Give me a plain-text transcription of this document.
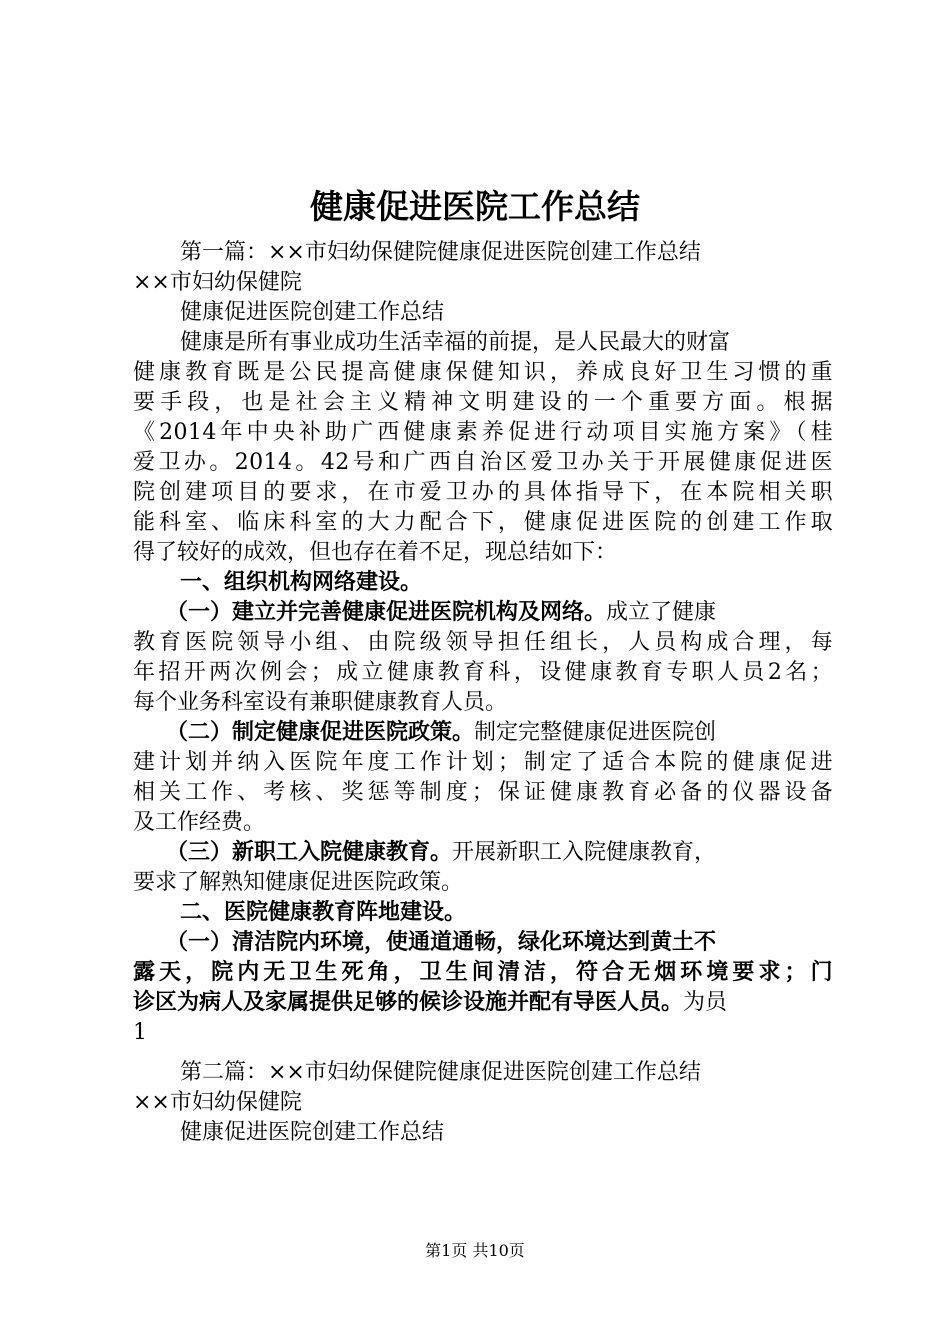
健康促进医院工作总结
第一篇：××市妇幼保健院健康促进医院创建工作总结
××市妇幼保健院
健康促进医院创建工作总结
健康是所有事业成功生活幸福的前提，是人民最大的财富
健康教育既是公民提高健康保健知识，养成良好卫生习惯的重
要手段，也是社会主义精神文明建设的一个重要方面。根据
《2014年中央补助广西健康素养促进行动项目实施方案》（桂
爱卫办。2014。42号和广西自治区爱卫办关于开展健康促进医
院创建项目的要求，在市爱卫办的具体指导下，在本院相关职
能科室、临床科室的大力配合下，健康促进医院的创建工作取
得了较好的成效，但也存在着不足，现总结如下：
一、组织机构网络建设。
（一）建立并完善健康促进医院机构及网络。成立了健康
教育医院领导小组、由院级领导担任组长，人员构成合理，每
年招开两次例会；成立健康教育科，设健康教育专职人员2名；
每个业务科室设有兼职健康教育人员。
（二）制定健康促进医院政策。制定完整健康促进医院创
建计划并纳入医院年度工作计划；制定了适合本院的健康促进
相关工作、考核、奖惩等制度；保证健康教育必备的仪器设备
及工作经费。
（三）新职工入院健康教育。开展新职工入院健康教育，
要求了解熟知健康促进医院政策。
二、医院健康教育阵地建设。
（一）清洁院内环境，使通道通畅，绿化环境达到黄土不
露天，院内无卫生死角，卫生间清洁，符合无烟环境要求；门
诊区为病人及家属提供足够的候诊设施并配有导医人员。为员
1
第二篇：××市妇幼保健院健康促进医院创建工作总结
××市妇幼保健院
健康促进医院创建工作总结
第1页 共10页
